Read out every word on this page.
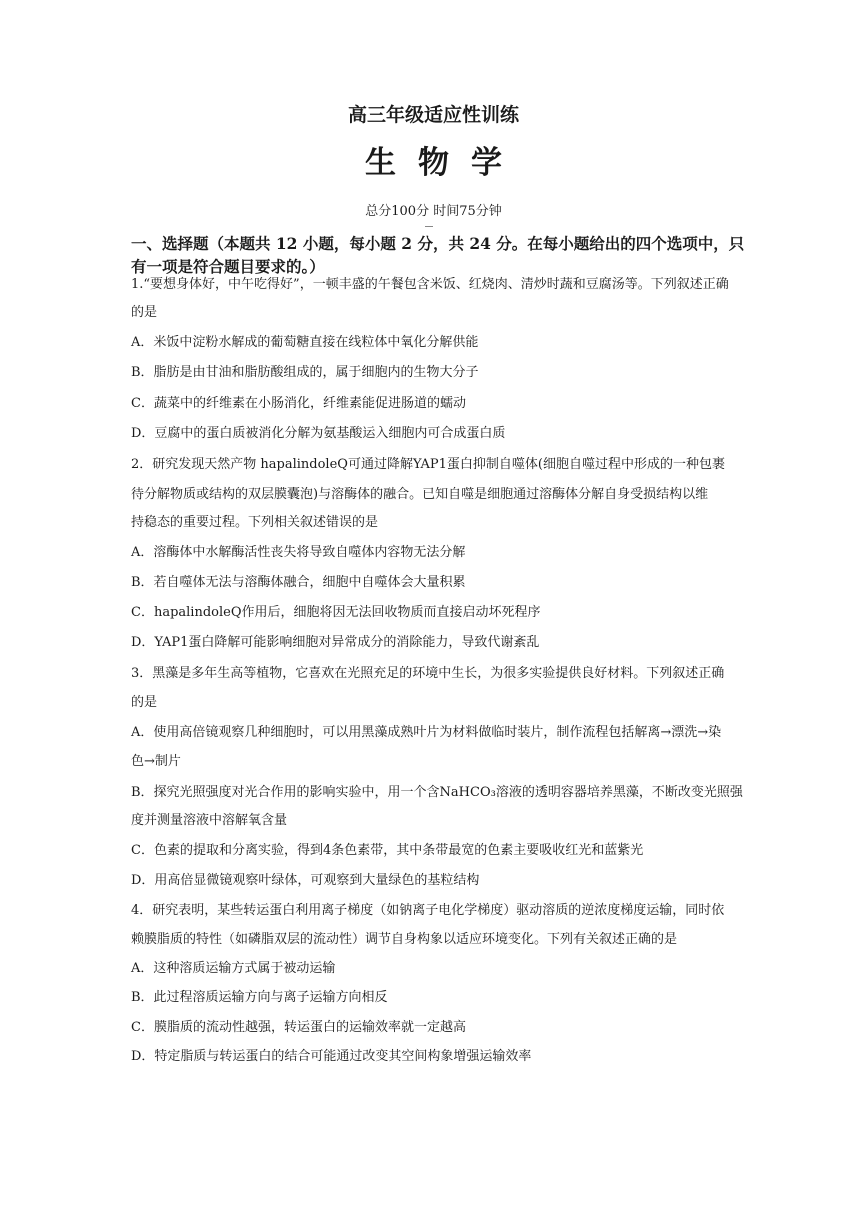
高三年级适应性训练
生物学
总分100分 时间75分钟
一、选择题（本题共 12 小题，每小题 2 分，共 24 分。在每小题给出的四个选项中，只
有一项是符合题目要求的。）
1.“要想身体好，中午吃得好”，一顿丰盛的午餐包含米饭、红烧肉、清炒时蔬和豆腐汤等。下列叙述正确
的是
A．米饭中淀粉水解成的葡萄糖直接在线粒体中氧化分解供能
B．脂肪是由甘油和脂肪酸组成的，属于细胞内的生物大分子
C．蔬菜中的纤维素在小肠消化，纤维素能促进肠道的蠕动
D．豆腐中的蛋白质被消化分解为氨基酸运入细胞内可合成蛋白质
2．研究发现天然产物 hapalindoleQ可通过降解YAP1蛋白抑制自噬体(细胞自噬过程中形成的一种包裹
待分解物质或结构的双层膜囊泡)与溶酶体的融合。已知自噬是细胞通过溶酶体分解自身受损结构以维
持稳态的重要过程。下列相关叙述错误的是
A．溶酶体中水解酶活性丧失将导致自噬体内容物无法分解
B．若自噬体无法与溶酶体融合，细胞中自噬体会大量积累
C．hapalindoleQ作用后，细胞将因无法回收物质而直接启动坏死程序
D．YAP1蛋白降解可能影响细胞对异常成分的消除能力，导致代谢紊乱
3．黑藻是多年生高等植物，它喜欢在光照充足的环境中生长，为很多实验提供良好材料。下列叙述正确
的是
A．使用高倍镜观察几种细胞时，可以用黑藻成熟叶片为材料做临时装片，制作流程包括解离→漂洗→染
色→制片
B．探究光照强度对光合作用的影响实验中，用一个含NaHCO₃溶液的透明容器培养黑藻，不断改变光照强
度并测量溶液中溶解氧含量
C．色素的提取和分离实验，得到4条色素带，其中条带最宽的色素主要吸收红光和蓝紫光
D．用高倍显微镜观察叶绿体，可观察到大量绿色的基粒结构
4．研究表明，某些转运蛋白利用离子梯度（如钠离子电化学梯度）驱动溶质的逆浓度梯度运输，同时依
赖膜脂质的特性（如磷脂双层的流动性）调节自身构象以适应环境变化。下列有关叙述正确的是
A．这种溶质运输方式属于被动运输
B．此过程溶质运输方向与离子运输方向相反
C．膜脂质的流动性越强，转运蛋白的运输效率就一定越高
D．特定脂质与转运蛋白的结合可能通过改变其空间构象增强运输效率
